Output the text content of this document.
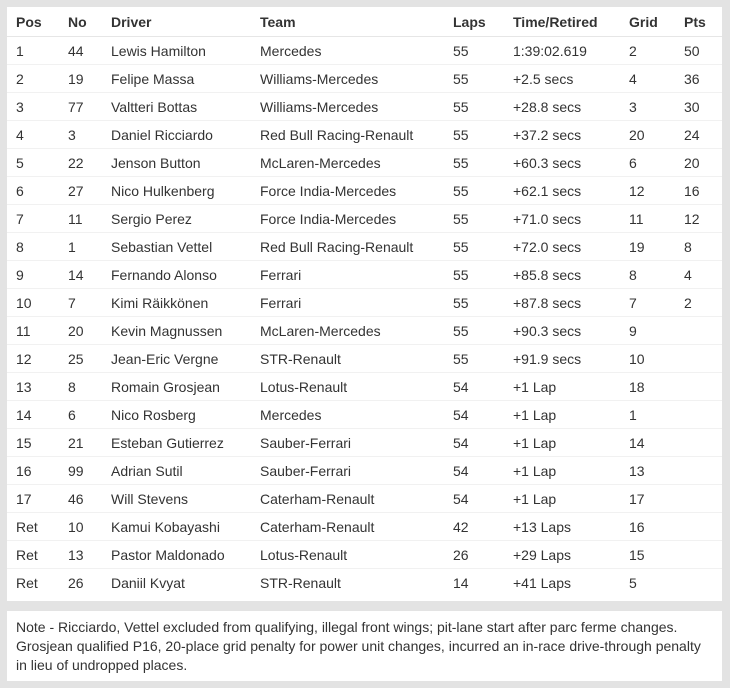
Pos	No	Driver	Team	Laps	Time/Retired	Grid	Pts
1	44	Lewis Hamilton	Mercedes	55	1:39:02.619	2	50
2	19	Felipe Massa	Williams-Mercedes	55	+2.5 secs	4	36
3	77	Valtteri Bottas	Williams-Mercedes	55	+28.8 secs	3	30
4	3	Daniel Ricciardo	Red Bull Racing-Renault	55	+37.2 secs	20	24
5	22	Jenson Button	McLaren-Mercedes	55	+60.3 secs	6	20
6	27	Nico Hulkenberg	Force India-Mercedes	55	+62.1 secs	12	16
7	11	Sergio Perez	Force India-Mercedes	55	+71.0 secs	11	12
8	1	Sebastian Vettel	Red Bull Racing-Renault	55	+72.0 secs	19	8
9	14	Fernando Alonso	Ferrari	55	+85.8 secs	8	4
10	7	Kimi Räikkönen	Ferrari	55	+87.8 secs	7	2
11	20	Kevin Magnussen	McLaren-Mercedes	55	+90.3 secs	9	
12	25	Jean-Eric Vergne	STR-Renault	55	+91.9 secs	10	
13	8	Romain Grosjean	Lotus-Renault	54	+1 Lap	18	
14	6	Nico Rosberg	Mercedes	54	+1 Lap	1	
15	21	Esteban Gutierrez	Sauber-Ferrari	54	+1 Lap	14	
16	99	Adrian Sutil	Sauber-Ferrari	54	+1 Lap	13	
17	46	Will Stevens	Caterham-Renault	54	+1 Lap	17	
Ret	10	Kamui Kobayashi	Caterham-Renault	42	+13 Laps	16	
Ret	13	Pastor Maldonado	Lotus-Renault	26	+29 Laps	15	
Ret	26	Daniil Kvyat	STR-Renault	14	+41 Laps	5	
Note - Ricciardo, Vettel excluded from qualifying, illegal front wings; pit-lane start after parc ferme changes. Grosjean qualified P16, 20-place grid penalty for power unit changes, incurred an in-race drive-through penalty in lieu of undropped places.
